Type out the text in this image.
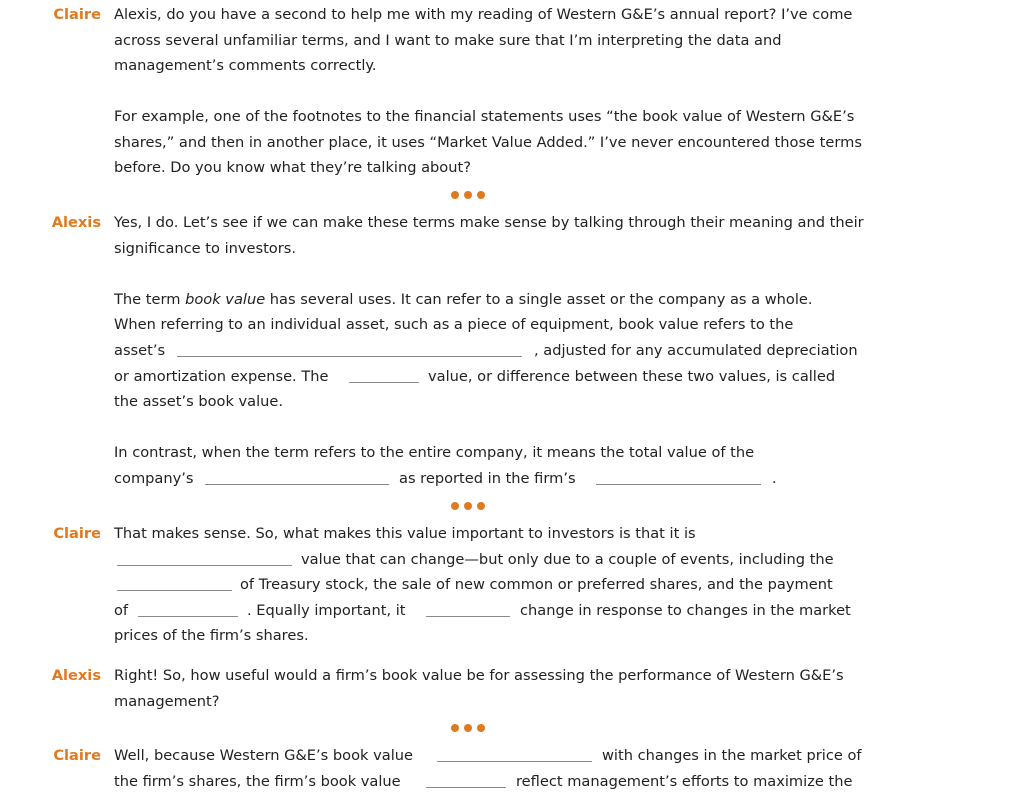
Claire Alexis, do you have a second to help me with my reading of Western G&E’s annual report? I’ve come across several unfamiliar terms, and I want to make sure that I’m interpreting the data and management’s comments correctly.
For example, one of the footnotes to the financial statements uses “the book value of Western G&E’s shares,” and then in another place, it uses “Market Value Added.” I’ve never encountered those terms before. Do you know what they’re talking about?
Alexis Yes, I do. Let’s see if we can make these terms make sense by talking through their meaning and their significance to investors.
The term book value has several uses. It can refer to a single asset or the company as a whole.
When referring to an individual asset, such as a piece of equipment, book value refers to the
asset’s	, adjusted for any accumulated depreciation
or amortization expense. The	value, or difference between these two values, is called
the asset’s book value.
In contrast, when the term refers to the entire company, it means the total value of the
company’s	as reported in the firm’s	.
Claire That makes sense. So, what makes this value important to investors is that it is
value that can change—but only due to a couple of events, including the
of Treasury stock, the sale of new common or preferred shares, and the payment
of	. Equally important, it	change in response to changes in the market
prices of the firm’s shares.
Alexis Right! So, how useful would a firm’s book value be for assessing the performance of Western G&E’s management?
Claire Well, because Western G&E’s book value	with changes in the market price of
the firm’s shares, the firm’s book value	reflect management’s efforts to maximize the
